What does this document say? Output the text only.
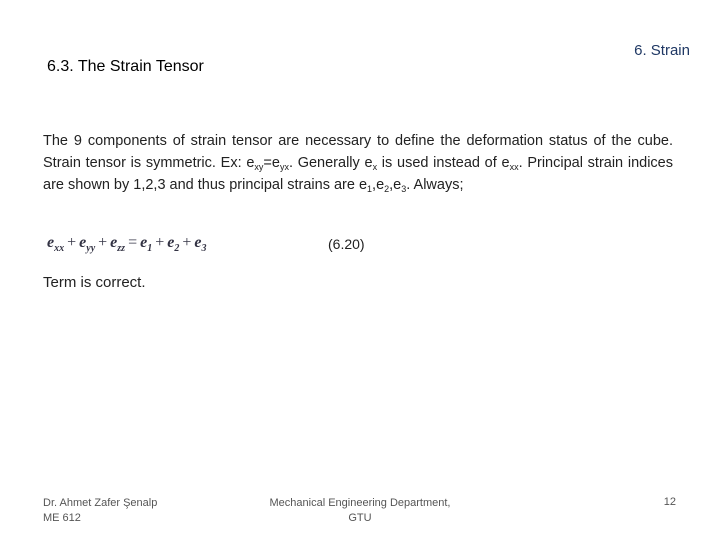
6.3. The Strain Tensor
6. Strain
The 9 components of strain tensor are necessary to define the deformation status of the cube. Strain tensor is symmetric. Ex: $e_{xy}=e_{yx}$. Generally $e_x$ is used instead of $e_{xx}$. Principal strain indices are shown by 1,2,3 and thus principal strains are $e_1,e_2,e_3$. Always;
$e_{xx} + e_{yy} + e_{zz} = e_1 + e_2 + e_3$	(6.20)
Term is correct.
Dr. Ahmet Zafer Şenalp
ME 612
Mechanical Engineering Department,
GTU
12
